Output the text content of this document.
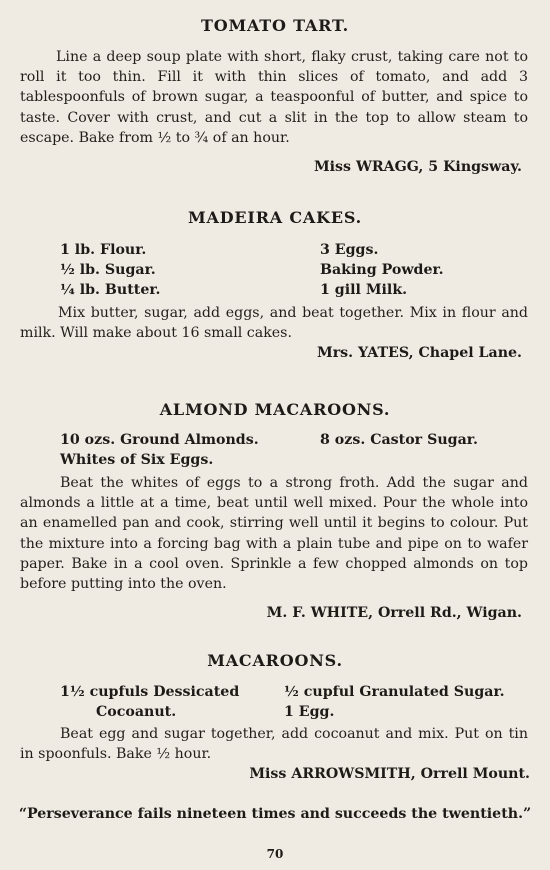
TOMATO TART.
Line a deep soup plate with short, flaky crust, taking care not to roll it too thin. Fill it with thin slices of tomato, and add 3 tablespoonfuls of brown sugar, a teaspoonful of butter, and spice to taste. Cover with crust, and cut a slit in the top to allow steam to escape. Bake from ½ to ¾ of an hour.
Miss WRAGG, 5 Kingsway.
MADEIRA CAKES.
1 lb. Flour.
½ lb. Sugar.
¼ lb. Butter.
3 Eggs.
Baking Powder.
1 gill Milk.
Mix butter, sugar, add eggs, and beat together. Mix in flour and milk. Will make about 16 small cakes.
Mrs. YATES, Chapel Lane.
ALMOND MACAROONS.
10 ozs. Ground Almonds.	8 ozs. Castor Sugar.
Whites of Six Eggs.
Beat the whites of eggs to a strong froth. Add the sugar and almonds a little at a time, beat until well mixed. Pour the whole into an enamelled pan and cook, stirring well until it begins to colour. Put the mixture into a forcing bag with a plain tube and pipe on to wafer paper. Bake in a cool oven. Sprinkle a few chopped almonds on top before putting into the oven.
M. F. WHITE, Orrell Rd., Wigan.
MACAROONS.
1½ cupfuls Dessicated
Cocoanut.
½ cupful Granulated Sugar.
1 Egg.
Beat egg and sugar together, add cocoanut and mix. Put on tin in spoonfuls. Bake ½ hour.
Miss ARROWSMITH, Orrell Mount.
“Perseverance fails nineteen times and succeeds the twentieth.”
70
